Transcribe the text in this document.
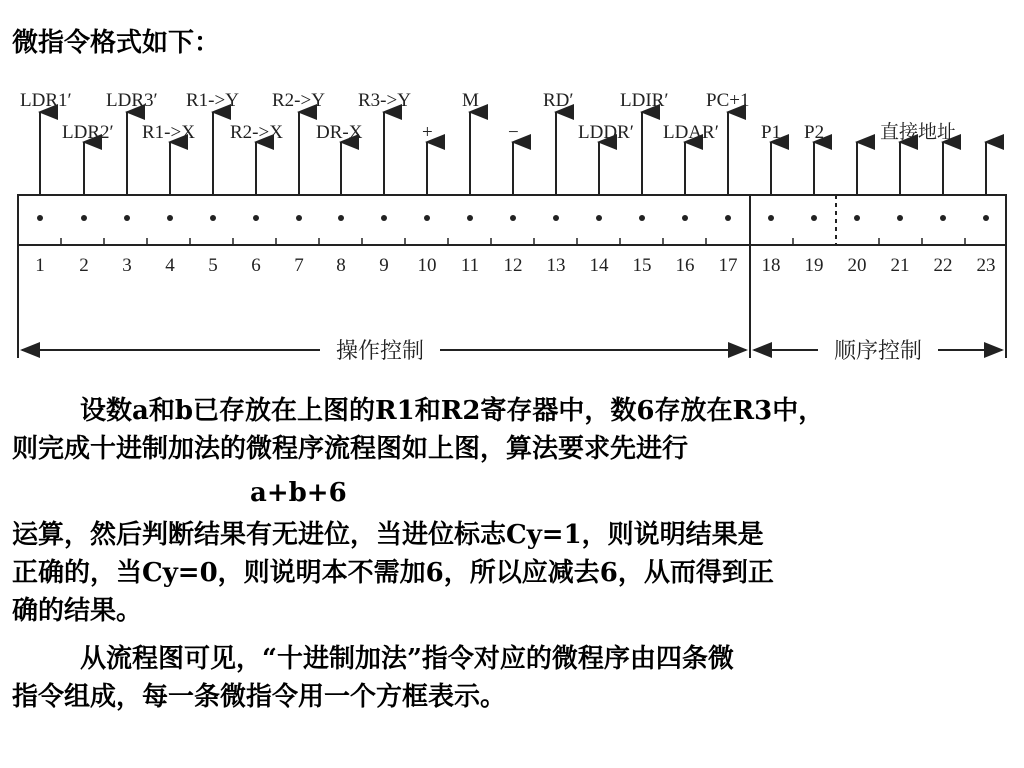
微指令格式如下：
LDR1′ LDR3′ R1->Y R2->Y R3->Y	M	RD′ LDIR′ PC+1
LDR2′ R1->X R2->X DR-X	+	−	LDDR′ LDAR′ P1 P2	直接地址
1 2 3 4 5 6 7 8 9 10 11 12 13 14 15 16 17 18 19 20 21 22 23
操作控制	顺序控制
设数a和b已存放在上图的R1和R2寄存器中，数6存放在R3中，
则完成十进制加法的微程序流程图如上图，算法要求先进行
a+b+6
运算，然后判断结果有无进位，当进位标志Cy=1，则说明结果是
正确的，当Cy=0，则说明本不需加6，所以应减去6，从而得到正
确的结果。
从流程图可见，“十进制加法”指令对应的微程序由四条微
指令组成，每一条微指令用一个方框表示。
